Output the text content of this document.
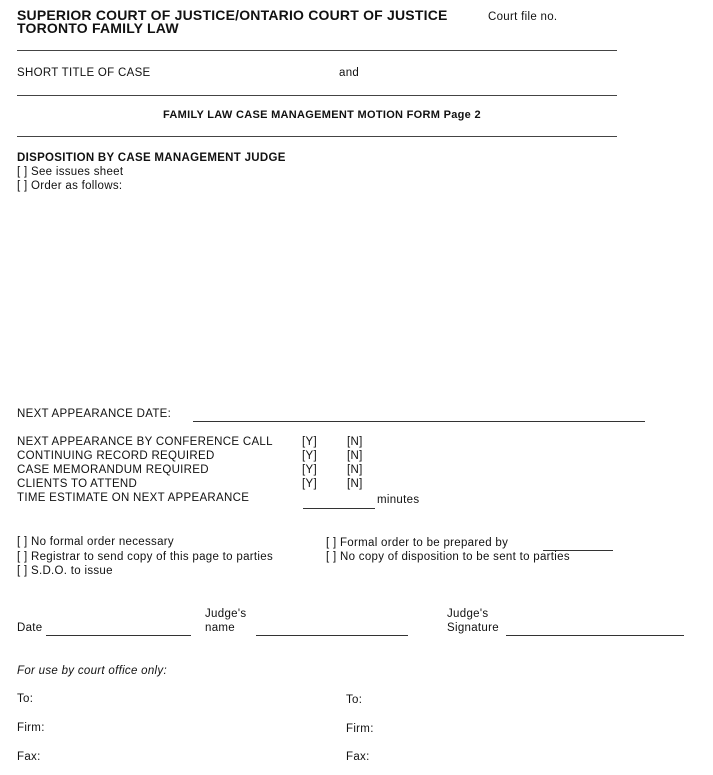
SUPERIOR COURT OF JUSTICE/ONTARIO COURT OF JUSTICE
TORONTO FAMILY LAW
Court file no.
SHORT TITLE OF CASE	and
FAMILY LAW CASE MANAGEMENT MOTION FORM Page 2
DISPOSITION BY CASE MANAGEMENT JUDGE
[ ] See issues sheet
[ ] Order as follows:
NEXT APPEARANCE DATE:
NEXT APPEARANCE BY CONFERENCE CALL	[Y]	[N]
CONTINUING RECORD REQUIRED	[Y]	[N]
CASE MEMORANDUM REQUIRED	[Y]	[N]
CLIENTS TO ATTEND	[Y]	[N]
TIME ESTIMATE ON NEXT APPEARANCE	minutes
[ ] No formal order necessary
[ ] Registrar to send copy of this page to parties
[ ] S.D.O. to issue
[ ] Formal order to be prepared by
[ ] No copy of disposition to be sent to parties
Date
Judge's
name
Judge's
Signature
For use by court office only:
To:
Firm:
Fax:
To:
Firm:
Fax:
